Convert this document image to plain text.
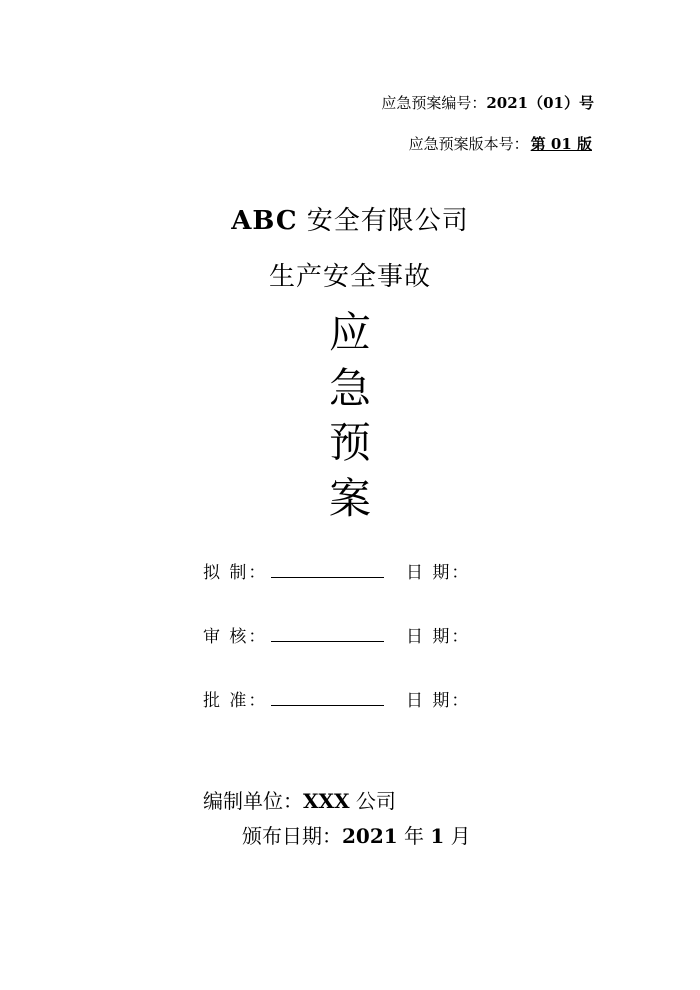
应急预案编号：2021（01）号
应急预案版本号： 第 01 版
ABC 安全有限公司
生产安全事故
应
急
预
案
拟 制：	日 期：
审 核：	日 期：
批 准：	日 期：
编制单位：XXX 公司
颁布日期：2021 年 1 月
